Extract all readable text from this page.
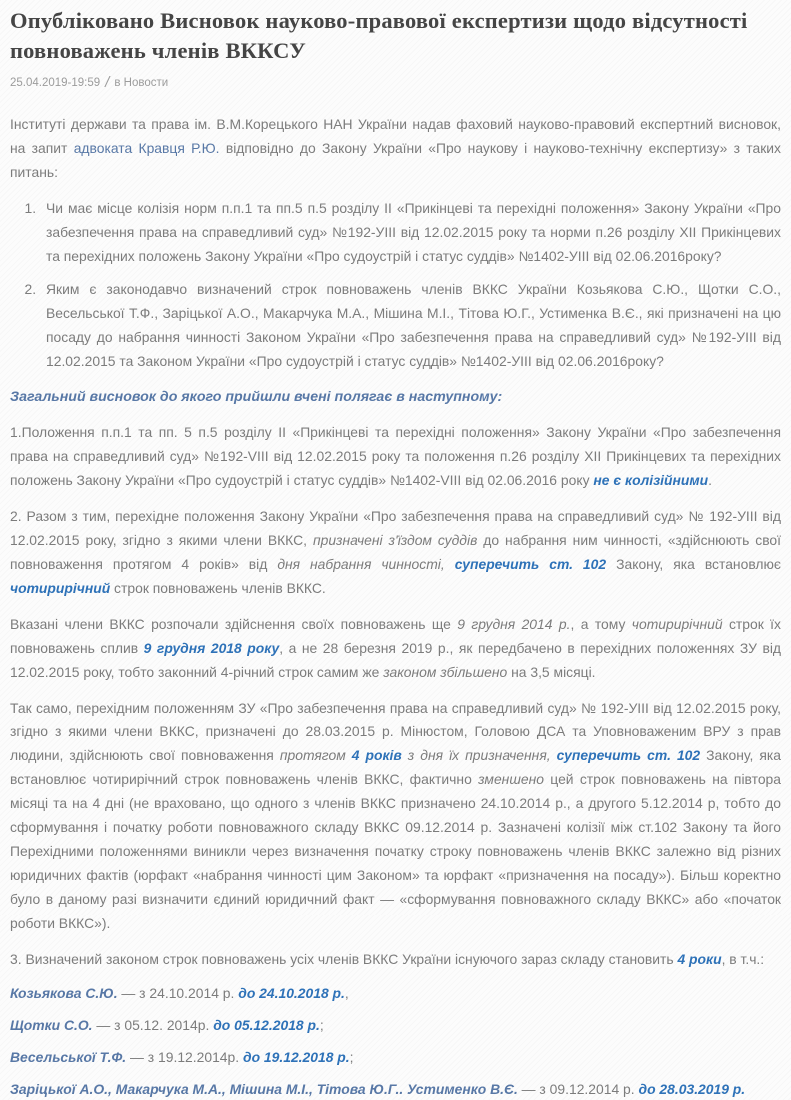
Опубліковано Висновок науково-правової експертизи щодо відсутності повноважень членів ВККСУ
25.04.2019-19:59 / в Новости

Інституті держави та права ім. В.М.Корецького НАН України надав фаховий науково-правовий експертний висновок, на запит адвоката Кравця Р.Ю. відповідно до Закону України «Про наукову і науково-технічну експертизу» з таких питань:

1. Чи має місце колізія норм п.п.1 та пп.5 п.5 розділу ІІ «Прикінцеві та перехідні положення» Закону України «Про забезпечення права на справедливий суд» №192-УІІІ від 12.02.2015 року та норми п.26 розділу ХІІ Прикінцевих та перехідних положень Закону України «Про судоустрій і статус суддів» №1402-УІІІ від 02.06.2016року?
2. Яким є законодавчо визначений строк повноважень членів ВККС України Козьякова С.Ю., Щотки С.О., Весельської Т.Ф., Заріцької А.О., Макарчука М.А., Мішина М.І., Тітова Ю.Г., Устименка В.Є., які призначені на цю посаду до набрання чинності Законом України «Про забезпечення права на справедливий суд» №192-УІІІ від 12.02.2015 та Законом України «Про судоустрій і статус суддів» №1402-УІІІ від 02.06.2016року?

Загальний висновок до якого прийшли вчені полягає в наступному:

1.Положення п.п.1 та пп. 5 п.5 розділу ІІ «Прикінцеві та перехідні положення» Закону України «Про забезпечення права на справедливий суд» №192-VIII від 12.02.2015 року та положення п.26 розділу ХІІ Прикінцевих та перехідних положень Закону України «Про судоустрій і статус суддів» №1402-VIII від 02.06.2016 року не є колізійними.

2. Разом з тим, перехідне положення Закону України «Про забезпечення права на справедливий суд» № 192-УІІІ від 12.02.2015 року, згідно з якими члени ВККС, призначені з'їздом суддів до набрання ним чинності, «здійснюють свої повноваження протягом 4 років» від дня набрання чинності, суперечить ст. 102 Закону, яка встановлює чотирирічний строк повноважень членів ВККС.

Вказані члени ВККС розпочали здійснення своїх повноважень ще 9 грудня 2014 р., а тому чотирирічний строк їх повноважень сплив 9 грудня 2018 року, а не 28 березня 2019 р., як передбачено в перехідних положеннях ЗУ від 12.02.2015 року, тобто законний 4-річний строк самим же законом збільшено на 3,5 місяці.

Так само, перехідним положенням ЗУ «Про забезпечення права на справедливий суд» № 192-УІІІ від 12.02.2015 року, згідно з якими члени ВККС, призначені до 28.03.2015 р. Мінюстом, Головою ДСА та Уповноваженим ВРУ з прав людини, здійснюють свої повноваження протягом 4 років з дня їх призначення, суперечить ст. 102 Закону, яка встановлює чотирирічний строк повноважень членів ВККС, фактично зменшено цей строк повноважень на півтора місяці та на 4 дні (не враховано, що одного з членів ВККС призначено 24.10.2014 р., а другого 5.12.2014 р, тобто до сформування і початку роботи повноважного складу ВККС 09.12.2014 р. Зазначені колізії між ст.102 Закону та його Перехідними положеннями виникли через визначення початку строку повноважень членів ВККС залежно від різних юридичних фактів (юрфакт «набрання чинності цим Законом» та юрфакт «призначення на посаду»). Більш коректно було в даному разі визначити єдиний юридичний факт — «сформування повноважного складу ВККС» або «початок роботи ВККС»).

3. Визначений законом строк повноважень усіх членів ВККС України існуючого зараз складу становить 4 роки, в т.ч.:

Козьякова С.Ю. — з 24.10.2014 р. до 24.10.2018 р.,

Щотки С.О. — з 05.12. 2014р. до 05.12.2018 р.;

Весельської Т.Ф. — з 19.12.2014р. до 19.12.2018 р.;

Заріцької А.О., Макарчука М.А., Мішина М.І., Тітова Ю.Г.. Устименко В.Є. — з 09.12.2014 р. до 28.03.2019 р.
